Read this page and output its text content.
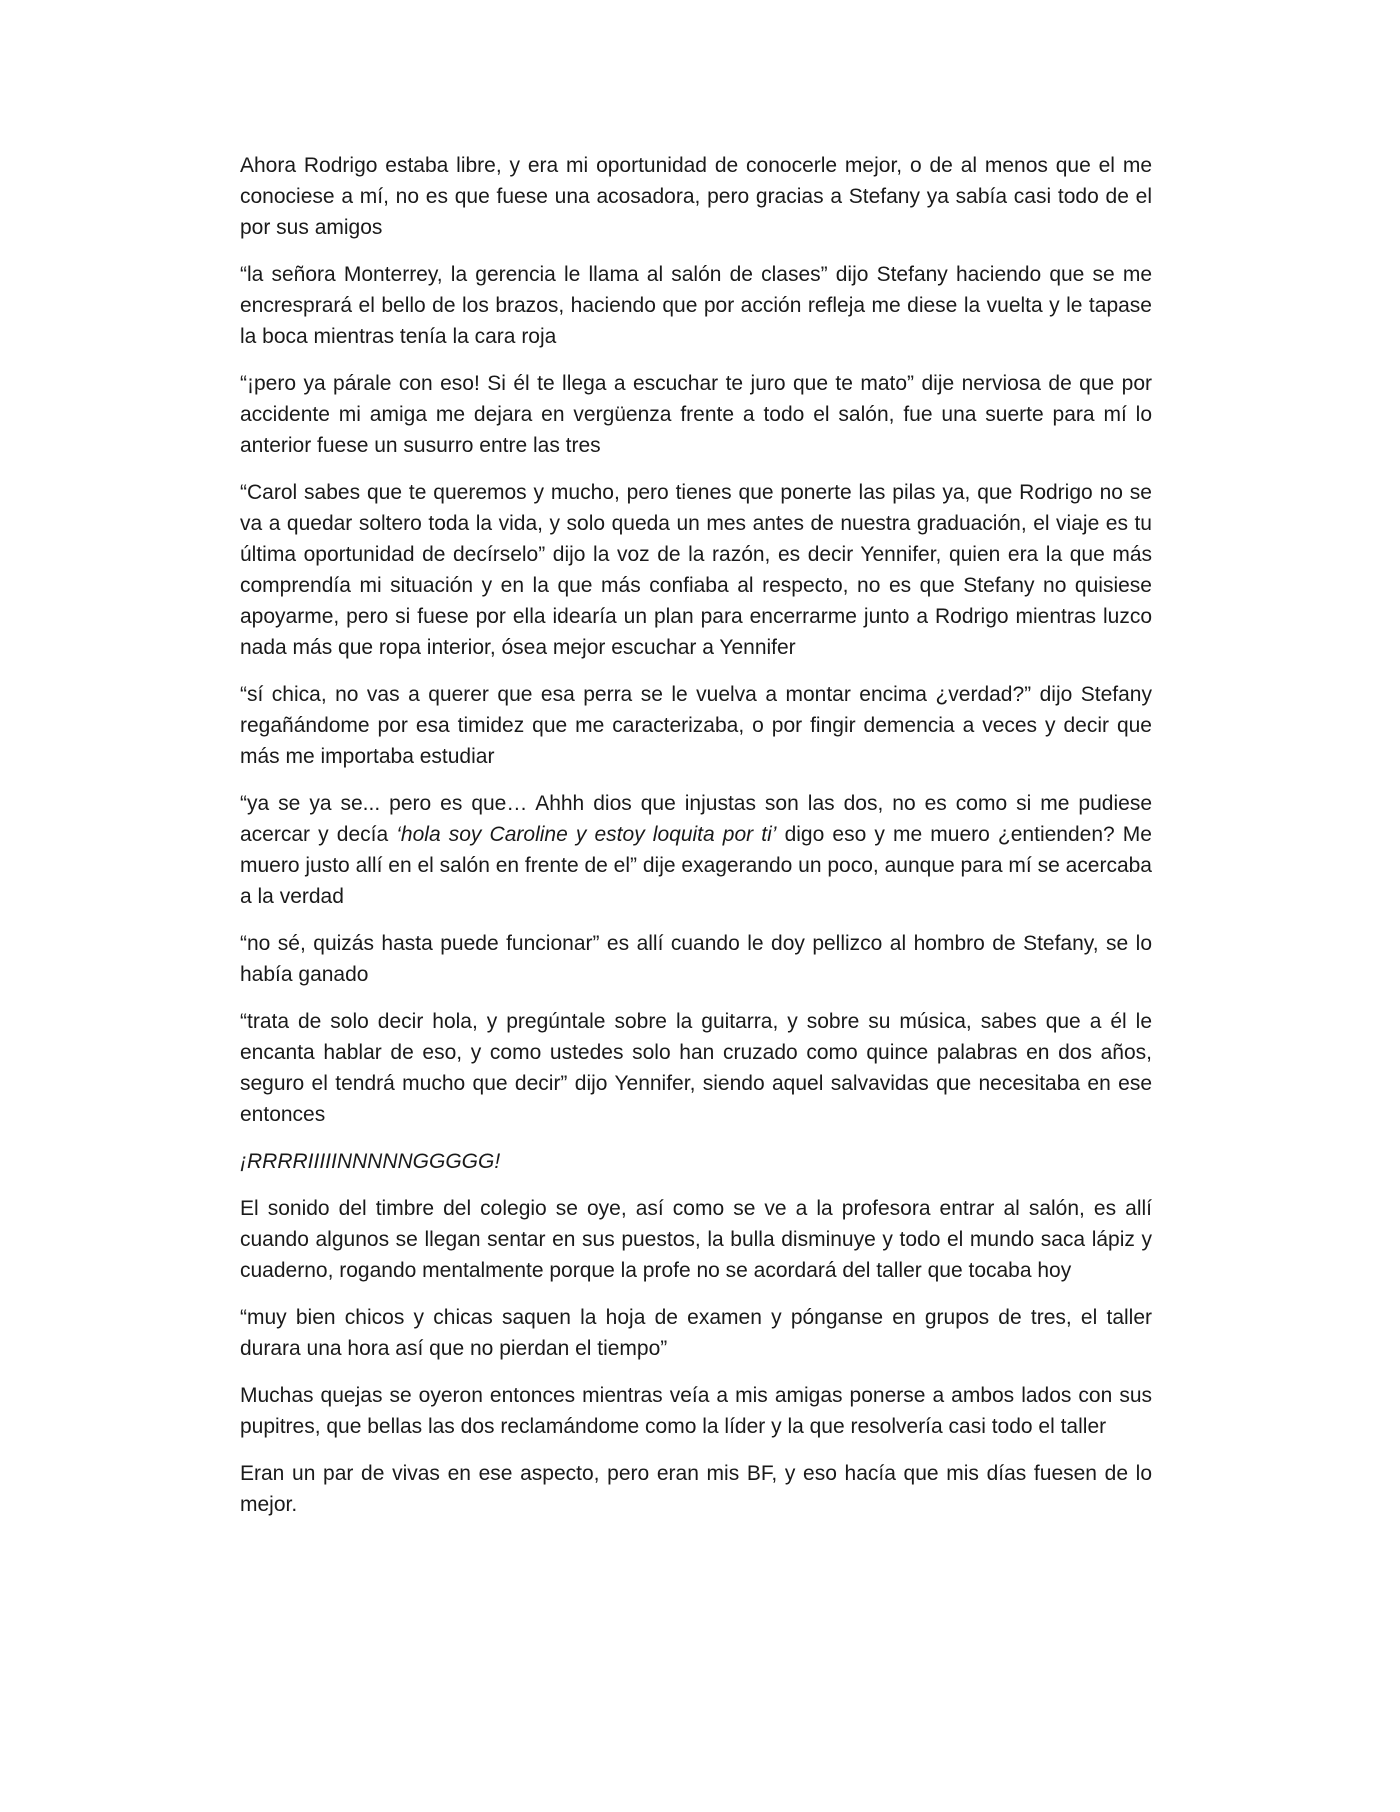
Ahora Rodrigo estaba libre, y era mi oportunidad de conocerle mejor, o de al menos que el me conociese a mí, no es que fuese una acosadora, pero gracias a Stefany ya sabía casi todo de el por sus amigos

“la señora Monterrey, la gerencia le llama al salón de clases” dijo Stefany haciendo que se me encresprará el bello de los brazos, haciendo que por acción refleja me diese la vuelta y le tapase la boca mientras tenía la cara roja

“¡pero ya párale con eso! Si él te llega a escuchar te juro que te mato” dije nerviosa de que por accidente mi amiga me dejara en vergüenza frente a todo el salón, fue una suerte para mí lo anterior fuese un susurro entre las tres

“Carol sabes que te queremos y mucho, pero tienes que ponerte las pilas ya, que Rodrigo no se va a quedar soltero toda la vida, y solo queda un mes antes de nuestra graduación, el viaje es tu última oportunidad de decírselo” dijo la voz de la razón, es decir Yennifer, quien era la que más comprendía mi situación y en la que más confiaba al respecto, no es que Stefany no quisiese apoyarme, pero si fuese por ella idearía un plan para encerrarme junto a Rodrigo mientras luzco nada más que ropa interior, ósea mejor escuchar a Yennifer

“sí chica, no vas a querer que esa perra se le vuelva a montar encima ¿verdad?” dijo Stefany regañándome por esa timidez que me caracterizaba, o por fingir demencia a veces y decir que más me importaba estudiar

“ya se ya se... pero es que… Ahhh dios que injustas son las dos, no es como si me pudiese acercar y decía ‘hola soy Caroline y estoy loquita por ti’ digo eso y me muero ¿entienden? Me muero justo allí en el salón en frente de el” dije exagerando un poco, aunque para mí se acercaba a la verdad

“no sé, quizás hasta puede funcionar” es allí cuando le doy pellizco al hombro de Stefany, se lo había ganado

“trata de solo decir hola, y pregúntale sobre la guitarra, y sobre su música, sabes que a él le encanta hablar de eso, y como ustedes solo han cruzado como quince palabras en dos años, seguro el tendrá mucho que decir” dijo Yennifer, siendo aquel salvavidas que necesitaba en ese entonces

¡RRRRIIIIINNNNNGGGGG!

El sonido del timbre del colegio se oye, así como se ve a la profesora entrar al salón, es allí cuando algunos se llegan sentar en sus puestos, la bulla disminuye y todo el mundo saca lápiz y cuaderno, rogando mentalmente porque la profe no se acordará del taller que tocaba hoy

“muy bien chicos y chicas saquen la hoja de examen y pónganse en grupos de tres, el taller durara una hora así que no pierdan el tiempo”

Muchas quejas se oyeron entonces mientras veía a mis amigas ponerse a ambos lados con sus pupitres, que bellas las dos reclamándome como la líder y la que resolvería casi todo el taller

Eran un par de vivas en ese aspecto, pero eran mis BF, y eso hacía que mis días fuesen de lo mejor.
